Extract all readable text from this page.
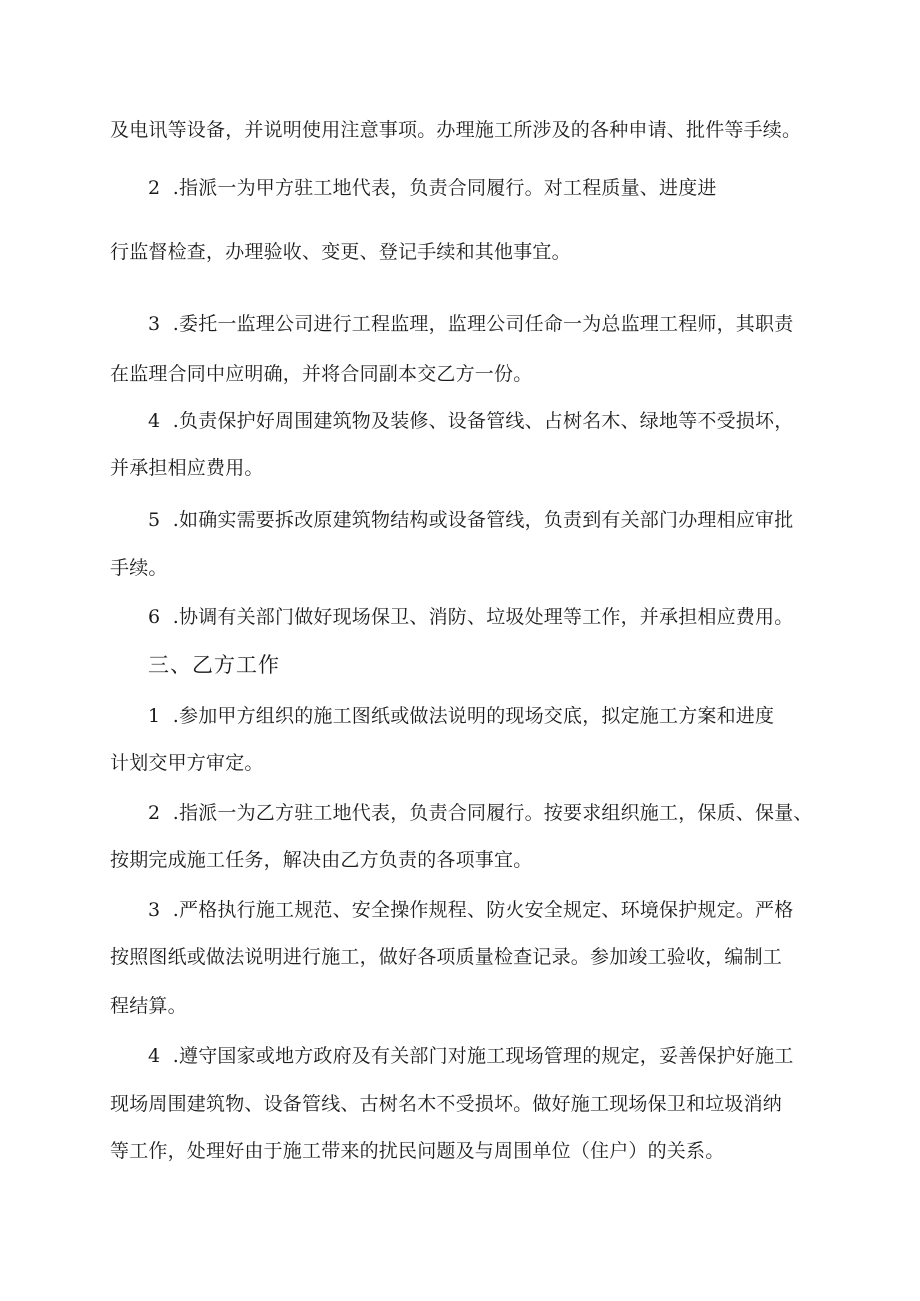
及电讯等设备，并说明使用注意事项。办理施工所涉及的各种申请、批件等手续。
2  .指派一为甲方驻工地代表，负责合同履行。对工程质量、进度进
行监督检查，办理验收、变更、登记手续和其他事宜。
3  .委托一监理公司进行工程监理，监理公司任命一为总监理工程师，其职责
在监理合同中应明确，并将合同副本交乙方一份。
4  .负责保护好周围建筑物及装修、设备管线、占树名木、绿地等不受损坏，
并承担相应费用。
5  .如确实需要拆改原建筑物结构或设备管线，负责到有关部门办理相应审批
手续。
6  .协调有关部门做好现场保卫、消防、垃圾处理等工作，并承担相应费用。
三、乙方工作
1  .参加甲方组织的施工图纸或做法说明的现场交底，拟定施工方案和进度
计划交甲方审定。
2  .指派一为乙方驻工地代表，负责合同履行。按要求组织施工，保质、保量、
按期完成施工任务，解决由乙方负责的各项事宜。
3  .严格执行施工规范、安全操作规程、防火安全规定、环境保护规定。严格
按照图纸或做法说明进行施工，做好各项质量检查记录。参加竣工验收，编制工
程结算。
4  .遵守国家或地方政府及有关部门对施工现场管理的规定，妥善保护好施工
现场周围建筑物、设备管线、古树名木不受损坏。做好施工现场保卫和垃圾消纳
等工作，处理好由于施工带来的扰民问题及与周围单位（住户）的关系。
